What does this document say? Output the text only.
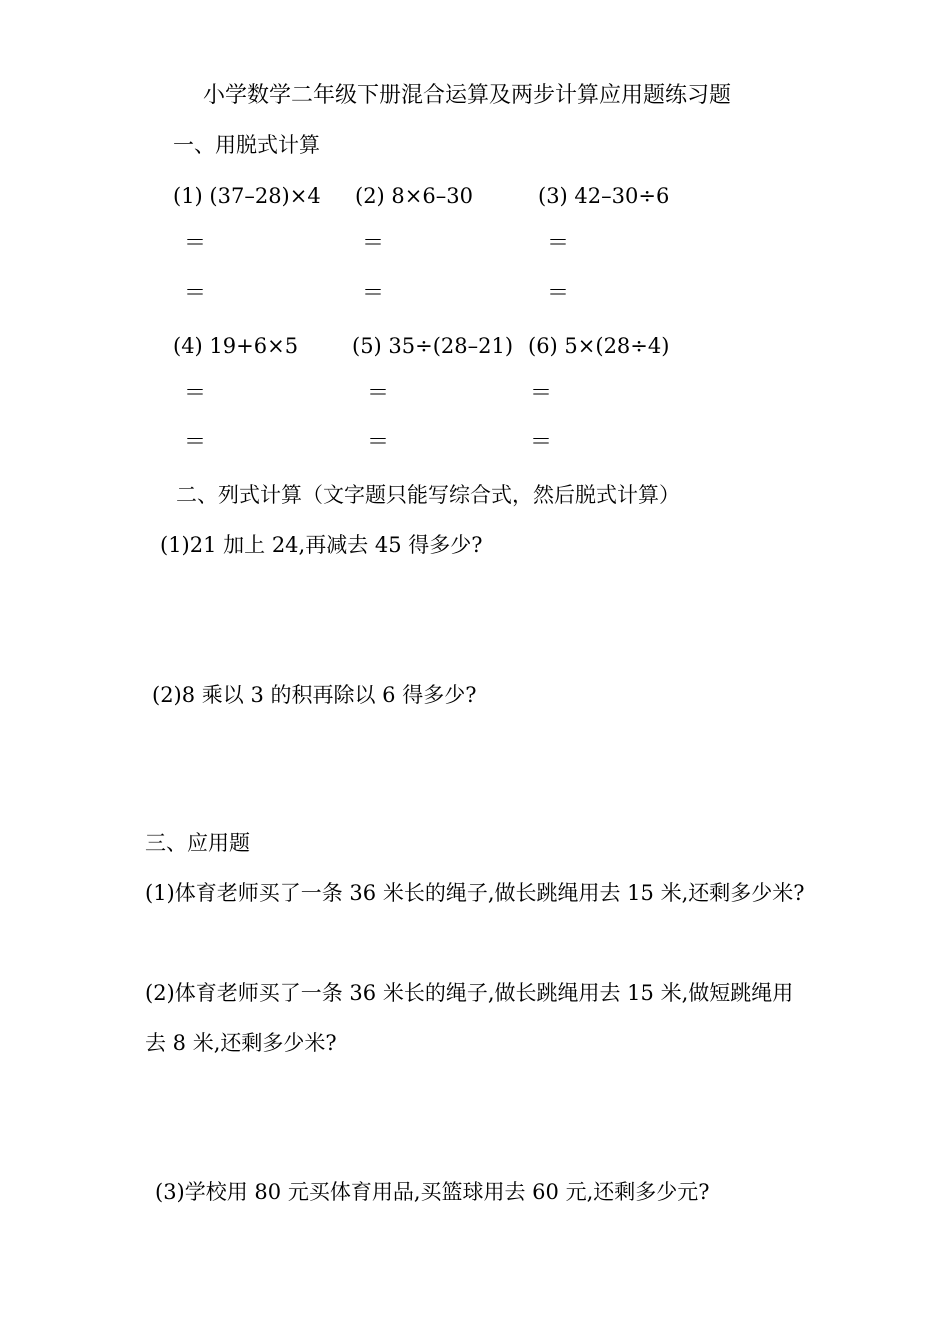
小学数学二年级下册混合运算及两步计算应用题练习题
一、用脱式计算
(1) (37–28)×4 (2) 8×6–30	(3) 42–30÷6
＝	＝	＝
＝	＝	＝
(4) 19+6×5	(5) 35÷(28–21) (6) 5×(28÷4)
＝	＝	＝
＝	＝	＝
二、列式计算（文字题只能写综合式，然后脱式计算）
(1)21 加上 24,再减去 45 得多少?
(2)8 乘以 3 的积再除以 6 得多少?
三、应用题
(1)体育老师买了一条 36 米长的绳子,做长跳绳用去 15 米,还剩多少米?
(2)体育老师买了一条 36 米长的绳子,做长跳绳用去 15 米,做短跳绳用
去 8 米,还剩多少米?
(3)学校用 80 元买体育用品,买篮球用去 60 元,还剩多少元?
